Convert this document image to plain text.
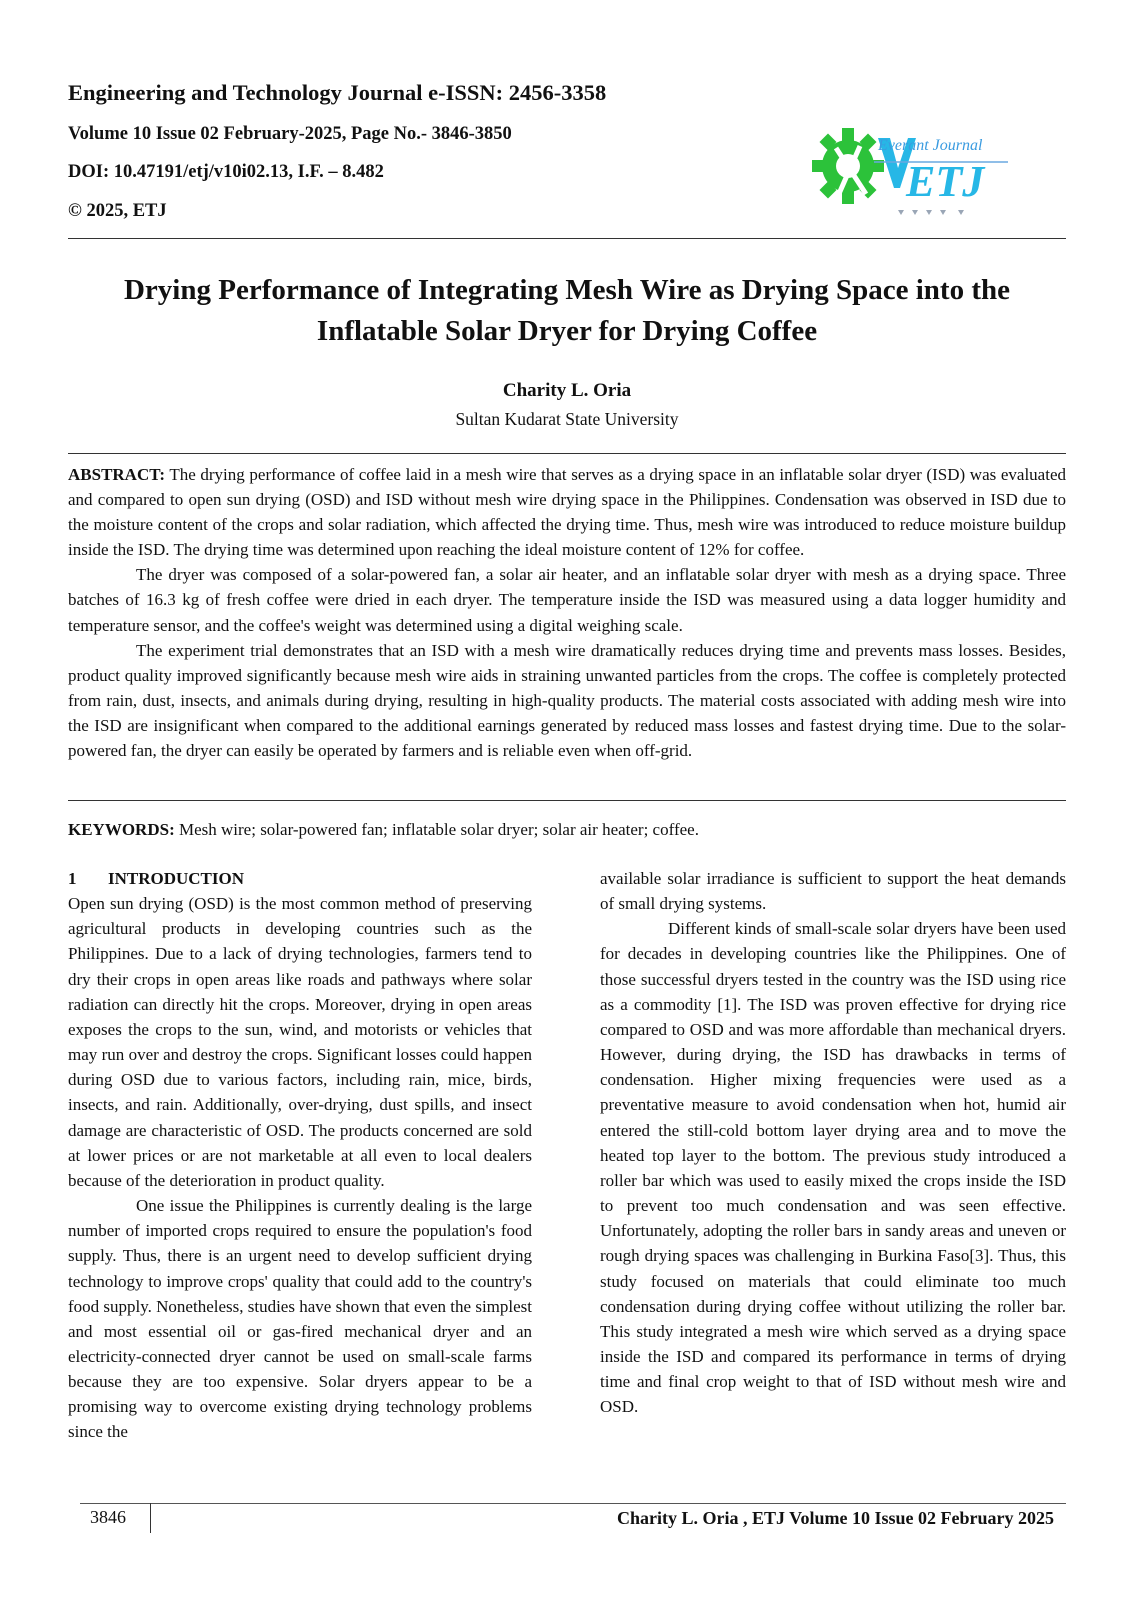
Engineering and Technology Journal e-ISSN: 2456-3358
Volume 10 Issue 02 February-2025, Page No.- 3846-3850
DOI: 10.47191/etj/v10i02.13, I.F. – 8.482
© 2025, ETJ
Everant Journal
ETJ
Drying Performance of Integrating Mesh Wire as Drying Space into the
Inflatable Solar Dryer for Drying Coffee
Charity L. Oria
Sultan Kudarat State University

ABSTRACT: The drying performance of coffee laid in a mesh wire that serves as a drying space in an inflatable solar dryer (ISD) was evaluated and compared to open sun drying (OSD) and ISD without mesh wire drying space in the Philippines. Condensation was observed in ISD due to the moisture content of the crops and solar radiation, which affected the drying time. Thus, mesh wire was introduced to reduce moisture buildup inside the ISD. The drying time was determined upon reaching the ideal moisture content of 12% for coffee.

The dryer was composed of a solar-powered fan, a solar air heater, and an inflatable solar dryer with mesh as a drying space. Three batches of 16.3 kg of fresh coffee were dried in each dryer. The temperature inside the ISD was measured using a data logger humidity and temperature sensor, and the coffee's weight was determined using a digital weighing scale.

The experiment trial demonstrates that an ISD with a mesh wire dramatically reduces drying time and prevents mass losses. Besides, product quality improved significantly because mesh wire aids in straining unwanted particles from the crops. The coffee is completely protected from rain, dust, insects, and animals during drying, resulting in high-quality products. The material costs associated with adding mesh wire into the ISD are insignificant when compared to the additional earnings generated by reduced mass losses and fastest drying time. Due to the solar-powered fan, the dryer can easily be operated by farmers and is reliable even when off-grid.

KEYWORDS: Mesh wire; solar-powered fan; inflatable solar dryer; solar air heater; coffee.
1 INTRODUCTION

Open sun drying (OSD) is the most common method of preserving agricultural products in developing countries such as the Philippines. Due to a lack of drying technologies, farmers tend to dry their crops in open areas like roads and pathways where solar radiation can directly hit the crops. Moreover, drying in open areas exposes the crops to the sun, wind, and motorists or vehicles that may run over and destroy the crops. Significant losses could happen during OSD due to various factors, including rain, mice, birds, insects, and rain. Additionally, over-drying, dust spills, and insect damage are characteristic of OSD. The products concerned are sold at lower prices or are not marketable at all even to local dealers because of the deterioration in product quality.

One issue the Philippines is currently dealing is the large number of imported crops required to ensure the population's food supply. Thus, there is an urgent need to develop sufficient drying technology to improve crops' quality that could add to the country's food supply. Nonetheless, studies have shown that even the simplest and most essential oil or gas-fired mechanical dryer and an electricity-connected dryer cannot be used on small-scale farms because they are too expensive. Solar dryers appear to be a promising way to overcome existing drying technology problems since the

available solar irradiance is sufficient to support the heat demands of small drying systems.

Different kinds of small-scale solar dryers have been used for decades in developing countries like the Philippines. One of those successful dryers tested in the country was the ISD using rice as a commodity [1]. The ISD was proven effective for drying rice compared to OSD and was more affordable than mechanical dryers. However, during drying, the ISD has drawbacks in terms of condensation. Higher mixing frequencies were used as a preventative measure to avoid condensation when hot, humid air entered the still-cold bottom layer drying area and to move the heated top layer to the bottom. The previous study introduced a roller bar which was used to easily mixed the crops inside the ISD to prevent too much condensation and was seen effective. Unfortunately, adopting the roller bars in sandy areas and uneven or rough drying spaces was challenging in Burkina Faso[3]. Thus, this study focused on materials that could eliminate too much condensation during drying coffee without utilizing the roller bar. This study integrated a mesh wire which served as a drying space inside the ISD and compared its performance in terms of drying time and final crop weight to that of ISD without mesh wire and OSD.

3846	Charity L. Oria , ETJ Volume 10 Issue 02 February 2025
